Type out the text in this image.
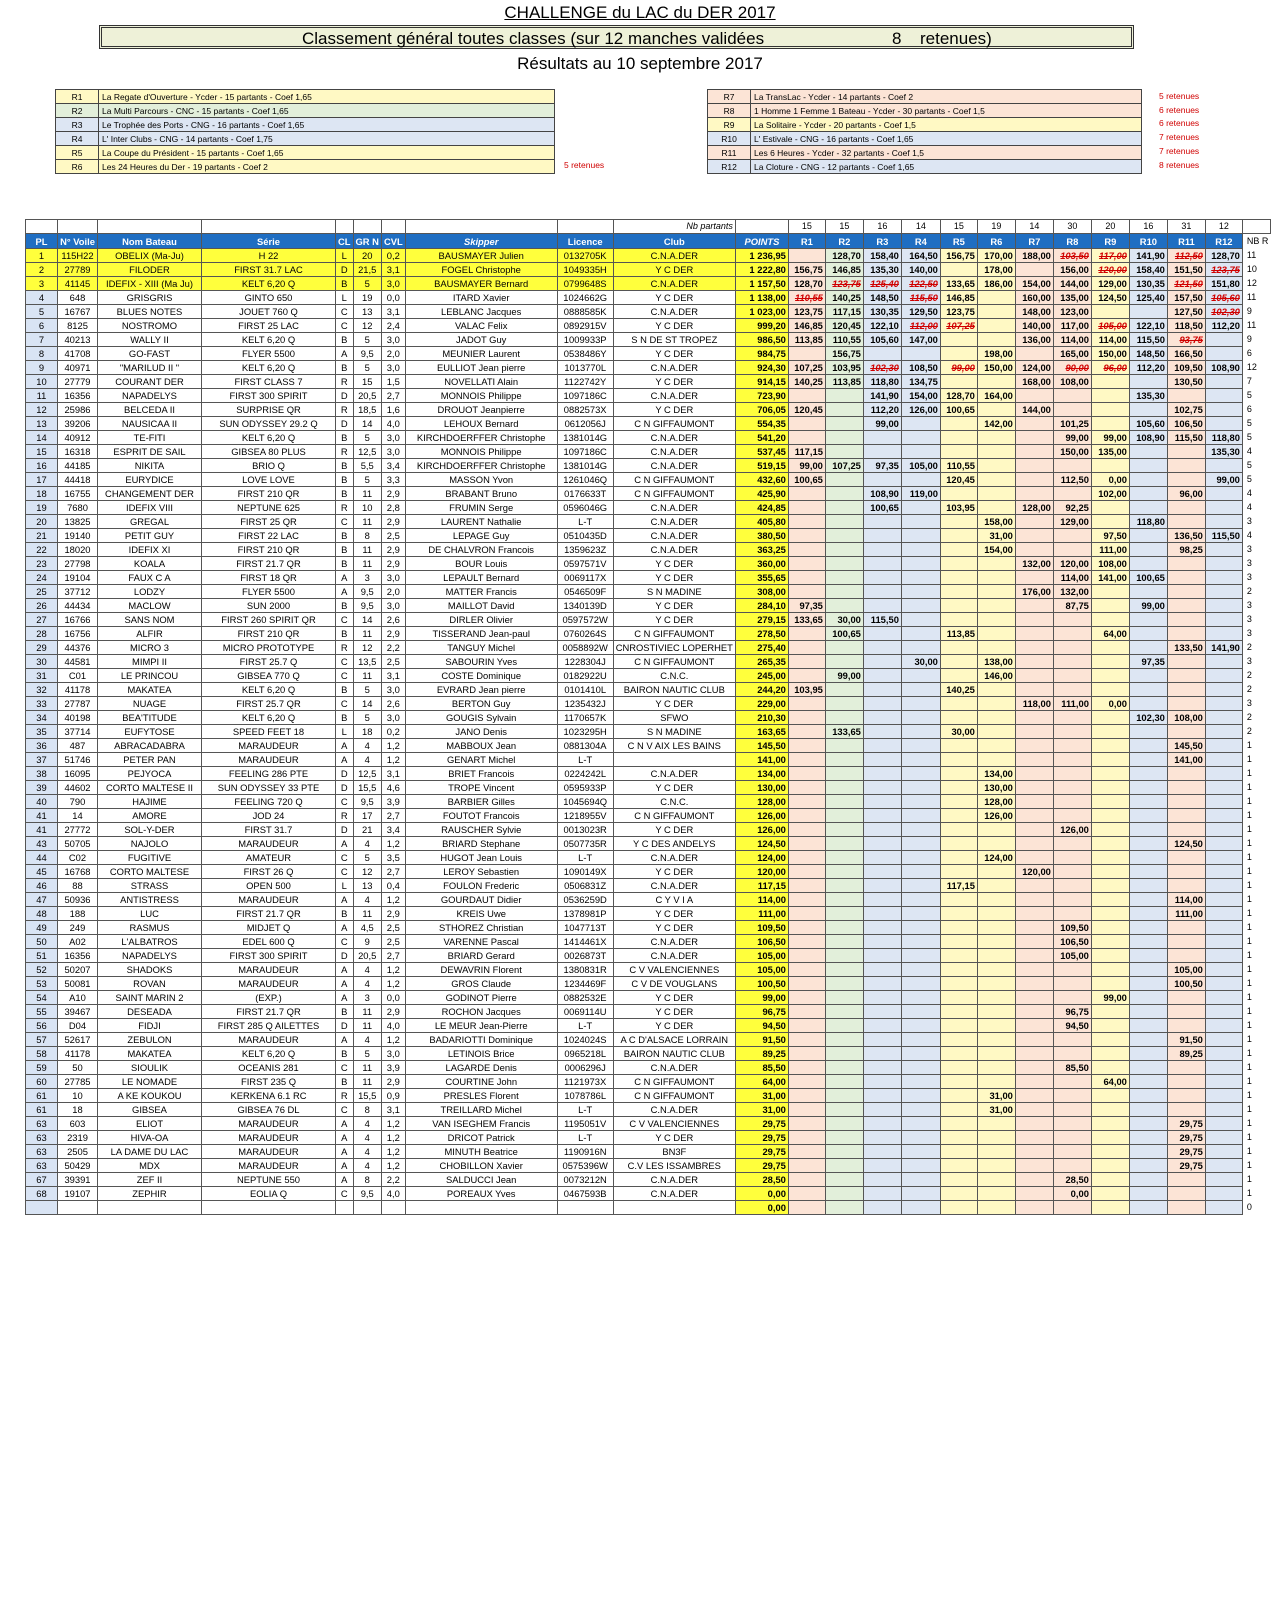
CHALLENGE du LAC du DER 2017
Classement général toutes classes (sur 12 manches validées	8 retenues)
Résultats au 10 septembre 2017
R1	La Regate d'Ouverture - Ycder - 15 partants - Coef 1,65
R2	La Multi Parcours - CNC - 15 partants - Coef 1,65
R3	Le Trophée des Ports - CNG - 16 partants - Coef 1,65
R4	L' Inter Clubs - CNG - 14 partants - Coef 1,75
R5	La Coupe du Président - 15 partants - Coef 1,65
R6	Les 24 Heures du Der - 19 partants - Coef 2	5 retenues
R7	La TransLac - Ycder - 14 partants - Coef 2
R8	1 Homme 1 Femme 1 Bateau - Ycder - 30 partants - Coef 1,5
R9	La Solitaire - Ycder - 20 partants - Coef 1,5
R10	L' Estivale - CNG - 16 partants - Coef 1,65
R11	Les 6 Heures - Ycder - 32 partants - Coef 1,5
R12	La Cloture - CNG - 12 partants - Coef 1,65
5 retenues
6 retenues
6 retenues
7 retenues
7 retenues
8 retenues
									Nb partants		15	15	16	14	15	19	14	30	20	16	31	12	
PL	N° Voile	Nom Bateau	Série	CL	GR N	CVL	Skipper	Licence	Club	POINTS	R1	R2	R3	R4	R5	R6	R7	R8	R9	R10	R11	R12	NB R
1	115H22	OBELIX (Ma-Ju)	H 22	L	20	0,2	BAUSMAYER Julien	0132705K	C.N.A.DER	1 236,95		128,70	158,40	164,50	156,75	170,00	188,00	103,50	117,00	141,90	112,50	128,70	11
2	27789	FILODER	FIRST 31.7 LAC	D	21,5	3,1	FOGEL Christophe	1049335H	Y C DER	1 222,80	156,75	146,85	135,30	140,00		178,00		156,00	120,00	158,40	151,50	123,75	10
3	41145	IDEFIX - XIII (Ma Ju)	KELT 6,20 Q	B	5	3,0	BAUSMAYER Bernard	0799648S	C.N.A.DER	1 157,50	128,70	123,75	125,40	122,50	133,65	186,00	154,00	144,00	129,00	130,35	121,50	151,80	12
4	648	GRISGRIS	GINTO 650	L	19	0,0	ITARD Xavier	1024662G	Y C DER	1 138,00	110,55	140,25	148,50	115,50	146,85		160,00	135,00	124,50	125,40	157,50	105,60	11
5	16767	BLUES NOTES	JOUET 760 Q	C	13	3,1	LEBLANC Jacques	0888585K	C.N.A.DER	1 023,00	123,75	117,15	130,35	129,50	123,75		148,00	123,00			127,50	102,30	9
6	8125	NOSTROMO	FIRST 25 LAC	C	12	2,4	VALAC Felix	0892915V	Y C DER	999,20	146,85	120,45	122,10	112,00	107,25		140,00	117,00	105,00	122,10	118,50	112,20	11
7	40213	WALLY II	KELT 6,20 Q	B	5	3,0	JADOT Guy	1009933P	S N DE ST TROPEZ	986,50	113,85	110,55	105,60	147,00			136,00	114,00	114,00	115,50	93,75		9
8	41708	GO-FAST	FLYER 5500	A	9,5	2,0	MEUNIER Laurent	0538486Y	Y C DER	984,75		156,75				198,00		165,00	150,00	148,50	166,50		6
9	40971	"MARILUD II "	KELT 6,20 Q	B	5	3,0	EULLIOT Jean pierre	1013770L	C.N.A.DER	924,30	107,25	103,95	102,30	108,50	99,00	150,00	124,00	90,00	96,00	112,20	109,50	108,90	12
10	27779	COURANT DER	FIRST CLASS 7	R	15	1,5	NOVELLATI Alain	1122742Y	Y C DER	914,15	140,25	113,85	118,80	134,75			168,00	108,00			130,50		7
11	16356	NAPADELYS	FIRST 300 SPIRIT	D	20,5	2,7	MONNOIS Philippe	1097186C	C.N.A.DER	723,90			141,90	154,00	128,70	164,00				135,30			5
12	25986	BELCEDA II	SURPRISE QR	R	18,5	1,6	DROUOT Jeanpierre	0882573X	Y C DER	706,05	120,45		112,20	126,00	100,65		144,00				102,75		6
13	39206	NAUSICAA II	SUN ODYSSEY 29.2 Q	D	14	4,0	LEHOUX Bernard	0612056J	C N GIFFAUMONT	554,35			99,00			142,00		101,25		105,60	106,50		5
14	40912	TE-FITI	KELT 6,20 Q	B	5	3,0	KIRCHDOERFFER Christophe	1381014G	C.N.A.DER	541,20								99,00	99,00	108,90	115,50	118,80	5
15	16318	ESPRIT DE SAIL	GIBSEA 80 PLUS	R	12,5	3,0	MONNOIS Philippe	1097186C	C.N.A.DER	537,45	117,15							150,00	135,00			135,30	4
16	44185	NIKITA	BRIO Q	B	5,5	3,4	KIRCHDOERFFER Christophe	1381014G	C.N.A.DER	519,15	99,00	107,25	97,35	105,00	110,55								5
17	44418	EURYDICE	LOVE LOVE	B	5	3,3	MASSON Yvon	1261046Q	C N GIFFAUMONT	432,60	100,65				120,45			112,50	0,00			99,00	5
18	16755	CHANGEMENT DER	FIRST 210 QR	B	11	2,9	BRABANT Bruno	0176633T	C N GIFFAUMONT	425,90			108,90	119,00					102,00		96,00		4
19	7680	IDEFIX VIII	NEPTUNE 625	R	10	2,8	FRUMIN Serge	0596046G	C.N.A.DER	424,85			100,65		103,95		128,00	92,25					4
20	13825	GREGAL	FIRST 25 QR	C	11	2,9	LAURENT Nathalie	L-T	C.N.A.DER	405,80						158,00		129,00		118,80			3
21	19140	PETIT GUY	FIRST 22 LAC	B	8	2,5	LEPAGE Guy	0510435D	C.N.A.DER	380,50						31,00			97,50		136,50	115,50	4
22	18020	IDEFIX XI	FIRST 210 QR	B	11	2,9	DE CHALVRON Francois	1359623Z	C.N.A.DER	363,25						154,00			111,00		98,25		3
23	27798	KOALA	FIRST 21.7 QR	B	11	2,9	BOUR Louis	0597571V	Y C DER	360,00							132,00	120,00	108,00				3
24	19104	FAUX C A	FIRST 18 QR	A	3	3,0	LEPAULT Bernard	0069117X	Y C DER	355,65								114,00	141,00	100,65			3
25	37712	LODZY	FLYER 5500	A	9,5	2,0	MATTER Francis	0546509F	S N MADINE	308,00							176,00	132,00					2
26	44434	MACLOW	SUN 2000	B	9,5	3,0	MAILLOT David	1340139D	Y C DER	284,10	97,35							87,75		99,00			3
27	16766	SANS NOM	FIRST 260 SPIRIT QR	C	14	2,6	DIRLER Olivier	0597572W	Y C DER	279,15	133,65	30,00	115,50										3
28	16756	ALFIR	FIRST 210 QR	B	11	2,9	TISSERAND Jean-paul	0760264S	C N GIFFAUMONT	278,50		100,65			113,85				64,00				3
29	44376	MICRO 3	MICRO PROTOTYPE	R	12	2,2	TANGUY Michel	0058892W	CNROSTIVIEC LOPERHET	275,40											133,50	141,90	2
30	44581	MIMPI II	FIRST 25.7 Q	C	13,5	2,5	SABOURIN Yves	1228304J	C N GIFFAUMONT	265,35				30,00		138,00				97,35			3
31	C01	LE PRINCOU	GIBSEA 770 Q	C	11	3,1	COSTE Dominique	0182922U	C.N.C.	245,00		99,00				146,00							2
32	41178	MAKATEA	KELT 6,20 Q	B	5	3,0	EVRARD Jean pierre	0101410L	BAIRON NAUTIC CLUB	244,20	103,95				140,25								2
33	27787	NUAGE	FIRST 25.7 QR	C	14	2,6	BERTON Guy	1235432J	Y C DER	229,00							118,00	111,00	0,00				3
34	40198	BEA'TITUDE	KELT 6,20 Q	B	5	3,0	GOUGIS Sylvain	1170657K	SFWO	210,30										102,30	108,00		2
35	37714	EUFYTOSE	SPEED FEET 18	L	18	0,2	JANO Denis	1023295H	S N MADINE	163,65		133,65			30,00								2
36	487	ABRACADABRA	MARAUDEUR	A	4	1,2	MABBOUX Jean	0881304A	C N V AIX LES BAINS	145,50											145,50		1
37	51746	PETER PAN	MARAUDEUR	A	4	1,2	GENART Michel	L-T		141,00											141,00		1
38	16095	PEJYOCA	FEELING 286 PTE	D	12,5	3,1	BRIET Francois	0224242L	C.N.A.DER	134,00						134,00							1
39	44602	CORTO MALTESE II	SUN ODYSSEY 33 PTE	D	15,5	4,6	TROPE Vincent	0595933P	Y C DER	130,00						130,00							1
40	790	HAJIME	FEELING 720 Q	C	9,5	3,9	BARBIER Gilles	1045694Q	C.N.C.	128,00						128,00							1
41	14	AMORE	JOD 24	R	17	2,7	FOUTOT Francois	1218955V	C N GIFFAUMONT	126,00						126,00							1
41	27772	SOL-Y-DER	FIRST 31.7	D	21	3,4	RAUSCHER Sylvie	0013023R	Y C DER	126,00								126,00					1
43	50705	NAJOLO	MARAUDEUR	A	4	1,2	BRIARD Stephane	0507735R	Y C DES ANDELYS	124,50											124,50		1
44	C02	FUGITIVE	AMATEUR	C	5	3,5	HUGOT Jean Louis	L-T	C.N.A.DER	124,00						124,00							1
45	16768	CORTO MALTESE	FIRST 26 Q	C	12	2,7	LEROY Sebastien	1090149X	Y C DER	120,00							120,00						1
46	88	STRASS	OPEN 500	L	13	0,4	FOULON Frederic	0506831Z	C.N.A.DER	117,15					117,15								1
47	50936	ANTISTRESS	MARAUDEUR	A	4	1,2	GOURDAUT Didier	0536259D	C Y V I A	114,00											114,00		1
48	188	LUC	FIRST 21.7 QR	B	11	2,9	KREIS Uwe	1378981P	Y C DER	111,00											111,00		1
49	249	RASMUS	MIDJET Q	A	4,5	2,5	STHOREZ Christian	1047713T	Y C DER	109,50								109,50					1
50	A02	L'ALBATROS	EDEL 600 Q	C	9	2,5	VARENNE Pascal	1414461X	C.N.A.DER	106,50								106,50					1
51	16356	NAPADELYS	FIRST 300 SPIRIT	D	20,5	2,7	BRIARD Gerard	0026873T	C.N.A.DER	105,00								105,00					1
52	50207	SHADOKS	MARAUDEUR	A	4	1,2	DEWAVRIN Florent	1380831R	C V VALENCIENNES	105,00											105,00		1
53	50081	ROVAN	MARAUDEUR	A	4	1,2	GROS Claude	1234469F	C V DE VOUGLANS	100,50											100,50		1
54	A10	SAINT MARIN 2	(EXP.)	A	3	0,0	GODINOT Pierre	0882532E	Y C DER	99,00									99,00				1
55	39467	DESEADA	FIRST 21.7 QR	B	11	2,9	ROCHON Jacques	0069114U	Y C DER	96,75								96,75					1
56	D04	FIDJI	FIRST 285 Q AILETTES	D	11	4,0	LE MEUR Jean-Pierre	L-T	Y C DER	94,50								94,50					1
57	52617	ZEBULON	MARAUDEUR	A	4	1,2	BADARIOTTI Dominique	1024024S	A C D'ALSACE LORRAIN	91,50											91,50		1
58	41178	MAKATEA	KELT 6,20 Q	B	5	3,0	LETINOIS Brice	0965218L	BAIRON NAUTIC CLUB	89,25											89,25		1
59	50	SIOULIK	OCEANIS 281	C	11	3,9	LAGARDE Denis	0006296J	C.N.A.DER	85,50								85,50					1
60	27785	LE NOMADE	FIRST 235 Q	B	11	2,9	COURTINE John	1121973X	C N GIFFAUMONT	64,00									64,00				1
61	10	A KE KOUKOU	KERKENA 6.1 RC	R	15,5	0,9	PRESLES Florent	1078786L	C N GIFFAUMONT	31,00						31,00							1
61	18	GIBSEA	GIBSEA 76 DL	C	8	3,1	TREILLARD Michel	L-T	C.N.A.DER	31,00						31,00							1
63	603	ELIOT	MARAUDEUR	A	4	1,2	VAN ISEGHEM Francis	1195051V	C V VALENCIENNES	29,75											29,75		1
63	2319	HIVA-OA	MARAUDEUR	A	4	1,2	DRICOT Patrick	L-T	Y C DER	29,75											29,75		1
63	2505	LA DAME DU LAC	MARAUDEUR	A	4	1,2	MINUTH Beatrice	1190916N	BN3F	29,75											29,75		1
63	50429	MDX	MARAUDEUR	A	4	1,2	CHOBILLON Xavier	0575396W	C.V LES ISSAMBRES	29,75											29,75		1
67	39391	ZEF II	NEPTUNE 550	A	8	2,2	SALDUCCI Jean	0073212N	C.N.A.DER	28,50								28,50					1
68	19107	ZEPHIR	EOLIA Q	C	9,5	4,0	POREAUX Yves	0467593B	C.N.A.DER	0,00								0,00					1
										0,00													0
